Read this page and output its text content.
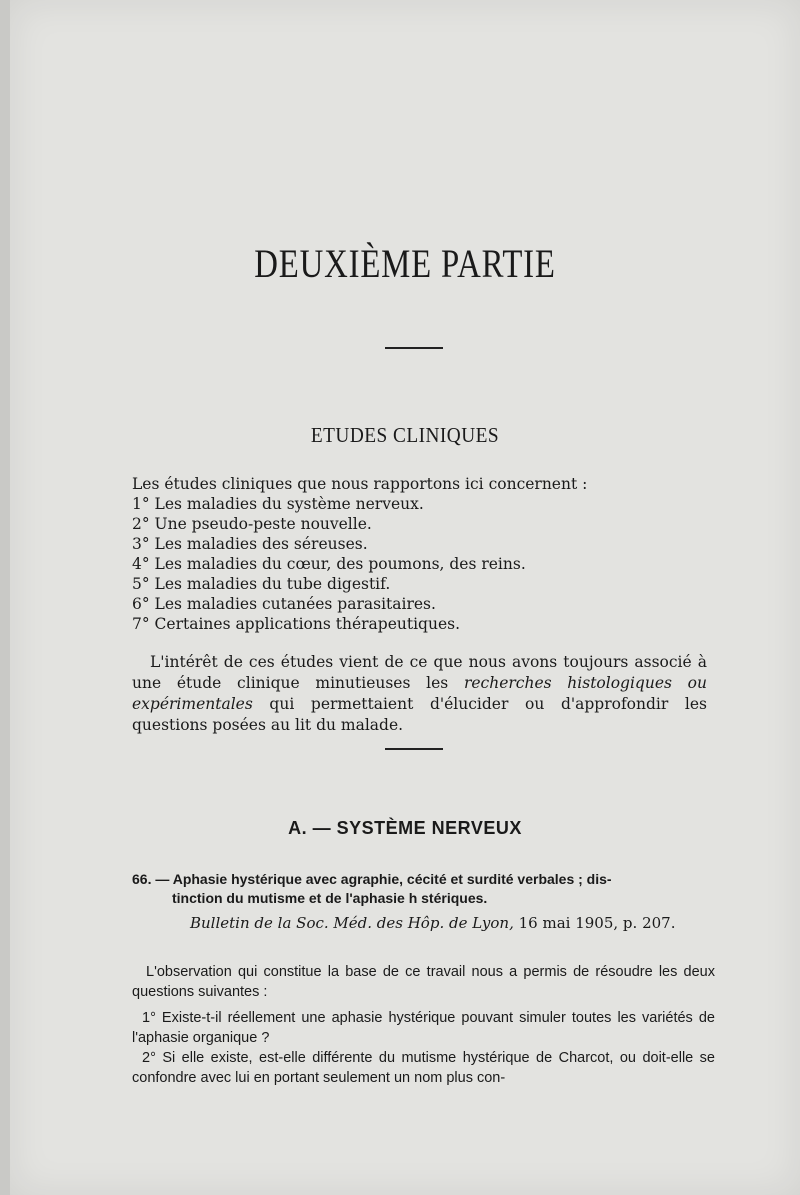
DEUXIÈME PARTIE
ETUDES CLINIQUES
Les études cliniques que nous rapportons ici concernent :
1° Les maladies du système nerveux.
2° Une pseudo-peste nouvelle.
3° Les maladies des séreuses.
4° Les maladies du cœur, des poumons, des reins.
5° Les maladies du tube digestif.
6° Les maladies cutanées parasitaires.
7° Certaines applications thérapeutiques.
L'intérêt de ces études vient de ce que nous avons toujours associé à une étude clinique minutieuses les recherches histologiques ou expérimentales qui permettaient d'élucider ou d'approfondir les questions posées au lit du malade.
A. — SYSTÈME NERVEUX
66. — Aphasie hystérique avec agraphie, cécité et surdité verbales ; dis-
tinction du mutisme et de l'aphasie h stériques.
Bulletin de la Soc. Méd. des Hôp. de Lyon, 16 mai 1905, p. 207.
L'observation qui constitue la base de ce travail nous a permis de résoudre les deux questions suivantes :
1° Existe-t-il réellement une aphasie hystérique pouvant simuler toutes les variétés de l'aphasie organique ?
2° Si elle existe, est-elle différente du mutisme hystérique de Charcot, ou doit-elle se confondre avec lui en portant seulement un nom plus con-
